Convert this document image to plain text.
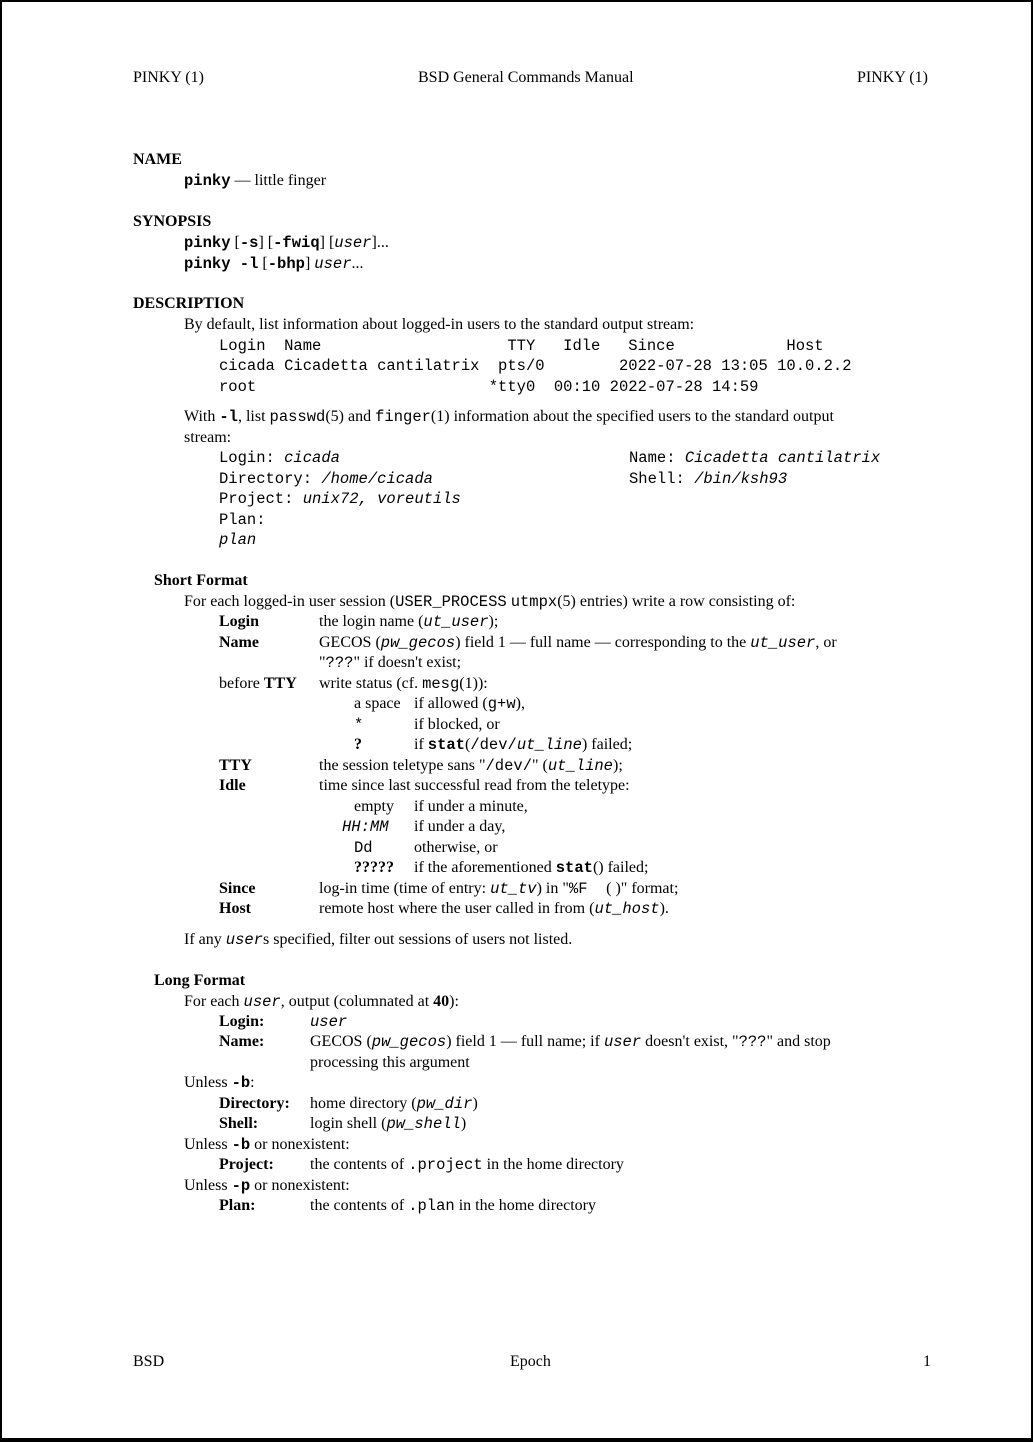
PINKY (1)	BSD General Commands Manual	PINKY (1)
NAME
pinky — little finger
SYNOPSIS
pinky [-s] [-fwiq] [user]...
pinky -l [-bhp] user...
DESCRIPTION
By default, list information about logged-in users to the standard output stream:
Login  Name                    TTY   Idle   Since            Host
cicada Cicadetta cantilatrix  pts/0        2022-07-28 13:05 10.0.2.2
root                         *tty0  00:10 2022-07-28 14:59
With -l, list passwd(5) and finger(1) information about the specified users to the standard output
stream:
Login: cicada	Name: Cicadetta cantilatrix
Directory: /home/cicada	Shell: /bin/ksh93
Project: unix72, voreutils
Plan:
plan
Short Format
For each logged-in user session (USER_PROCESS utmpx(5) entries) write a row consisting of:
Login	the login name (ut_user);
Name	GECOS (pw_gecos) field 1 — full name — corresponding to the ut_user, or
"???" if doesn't exist;
before TTY write status (cf. mesg(1)):
a space if allowed (g+w),
*	if blocked, or
?	if stat(/dev/ut_line) failed;
TTY	the session teletype sans "/dev/" (ut_line);
Idle	time since last successful read from the teletype:
empty if under a minute,
HH:MM if under a day,
Dd	otherwise, or
????? if the aforementioned stat() failed;
Since	log-in time (time of entry: ut_tv) in "%F  ( )" format;
Host	remote host where the user called in from (ut_host).
If any users specified, filter out sessions of users not listed.
Long Format
For each user, output (columnated at 40):
Login:	user
Name:	GECOS (pw_gecos) field 1 — full name; if user doesn't exist, "???" and stop
processing this argument
Unless -b:
Directory: home directory (pw_dir)
Shell:	login shell (pw_shell)
Unless -b or nonexistent:
Project: the contents of .project in the home directory
Unless -p or nonexistent:
Plan:	the contents of .plan in the home directory
BSD	Epoch	1
